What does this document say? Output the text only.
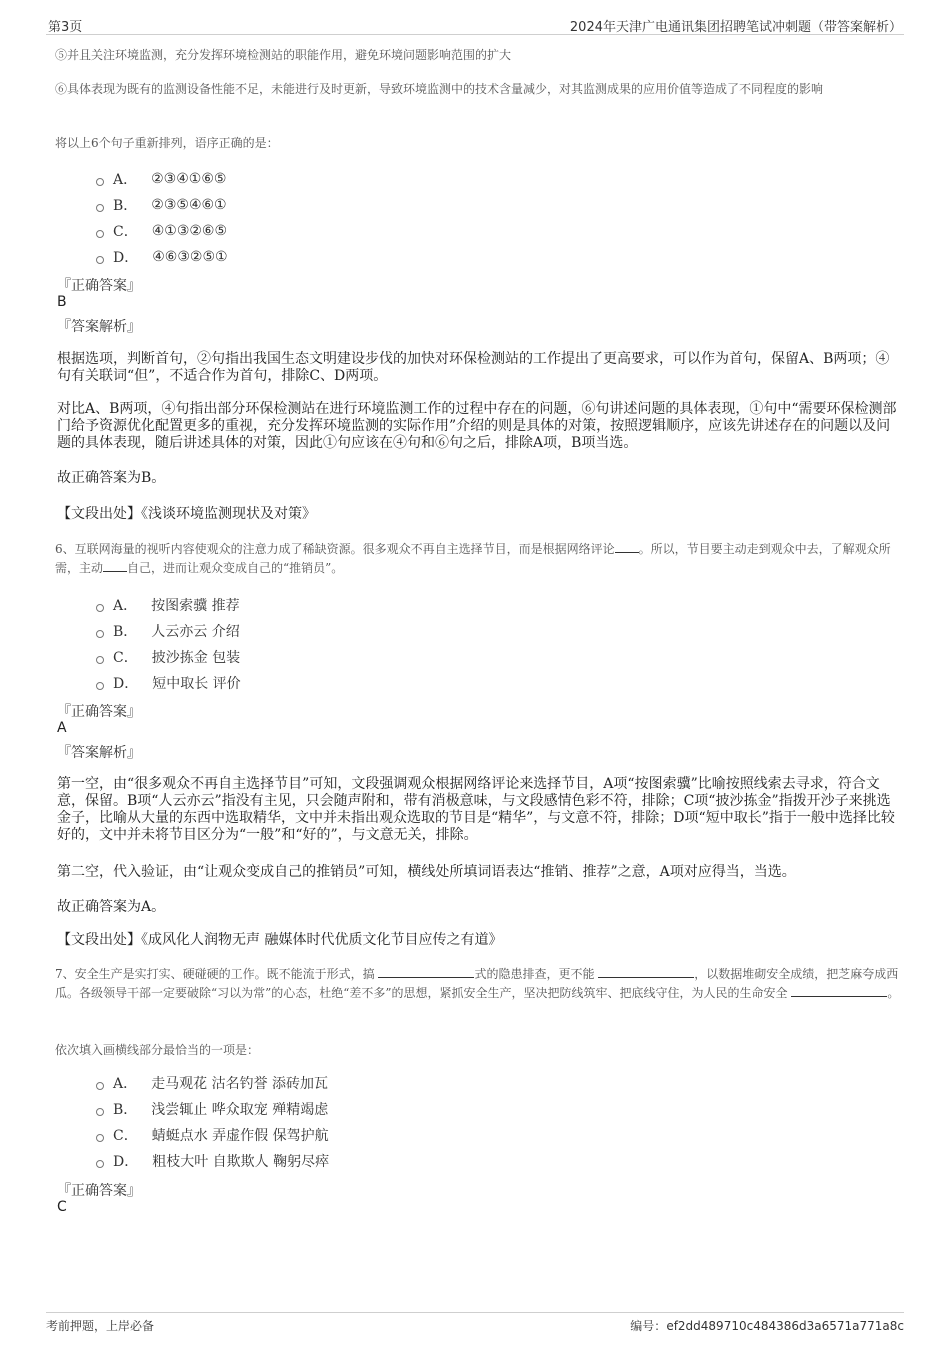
第3页	2024年天津广电通讯集团招聘笔试冲刺题（带答案解析）

⑤并且关注环境监测，充分发挥环境检测站的职能作用，避免环境问题影响范围的扩大

⑥具体表现为既有的监测设备性能不足，未能进行及时更新，导致环境监测中的技术含量减少，对其监测成果的应用价值等造成了不同程度的影响

将以上6个句子重新排列，语序正确的是：

A． ②③④①⑥⑤
B． ②③⑤④⑥①
C． ④①③②⑥⑤
D． ④⑥③②⑤①
『正确答案』
B
『答案解析』

根据选项，判断首句，②句指出我国生态文明建设步伐的加快对环保检测站的工作提出了更高要求，可以作为首句，保留A、B两项；④句有关联词“但”，不适合作为首句，排除C、D两项。

对比A、B两项，④句指出部分环保检测站在进行环境监测工作的过程中存在的问题，⑥句讲述问题的具体表现，①句中“需要环保检测部门给予资源优化配置更多的重视，充分发挥环境监测的实际作用”介绍的则是具体的对策，按照逻辑顺序，应该先讲述存在的问题以及问题的具体表现，随后讲述具体的对策，因此①句应该在④句和⑥句之后，排除A项，B项当选。

故正确答案为B。

【文段出处】《浅谈环境监测现状及对策》

6、互联网海量的视听内容使观众的注意力成了稀缺资源。很多观众不再自主选择节目，而是根据网络评论 。所以，节目要主动走到观众中去，了解观众所需，主动 自己，进而让观众变成自己的“推销员”。

A． 按图索骥 推荐
B． 人云亦云 介绍
C． 披沙拣金 包装
D． 短中取长 评价
『正确答案』
A
『答案解析』

第一空，由“很多观众不再自主选择节目”可知，文段强调观众根据网络评论来选择节目，A项“按图索骥”比喻按照线索去寻求，符合文意，保留。B项“人云亦云”指没有主见，只会随声附和，带有消极意味，与文段感情色彩不符，排除；C项“披沙拣金”指拨开沙子来挑选金子，比喻从大量的东西中选取精华，文中并未指出观众选取的节目是“精华”，与文意不符，排除；D项“短中取长”指于一般中选择比较好的，文中并未将节目区分为“一般”和“好的”，与文意无关，排除。

第二空，代入验证，由“让观众变成自己的推销员”可知，横线处所填词语表达“推销、推荐”之意，A项对应得当，当选。

故正确答案为A。

【文段出处】《成风化人润物无声 融媒体时代优质文化节目应传之有道》

7、安全生产是实打实、硬碰硬的工作。既不能流于形式，搞	式的隐患排查，更不能	，以数据堆砌安全成绩，把芝麻夸成西瓜。各级领导干部一定要破除“习以为常”的心态，杜绝“差不多”的思想，紧抓安全生产，坚决把防线筑牢、把底线守住，为人民的生命安全	。

依次填入画横线部分最恰当的一项是：

A． 走马观花 沽名钓誉 添砖加瓦
B． 浅尝辄止 哗众取宠 殚精竭虑
C． 蜻蜓点水 弄虚作假 保驾护航
D． 粗枝大叶 自欺欺人 鞠躬尽瘁
『正确答案』
C
考前押题，上岸必备	编号：ef2dd489710c484386d3a6571a771a8c
